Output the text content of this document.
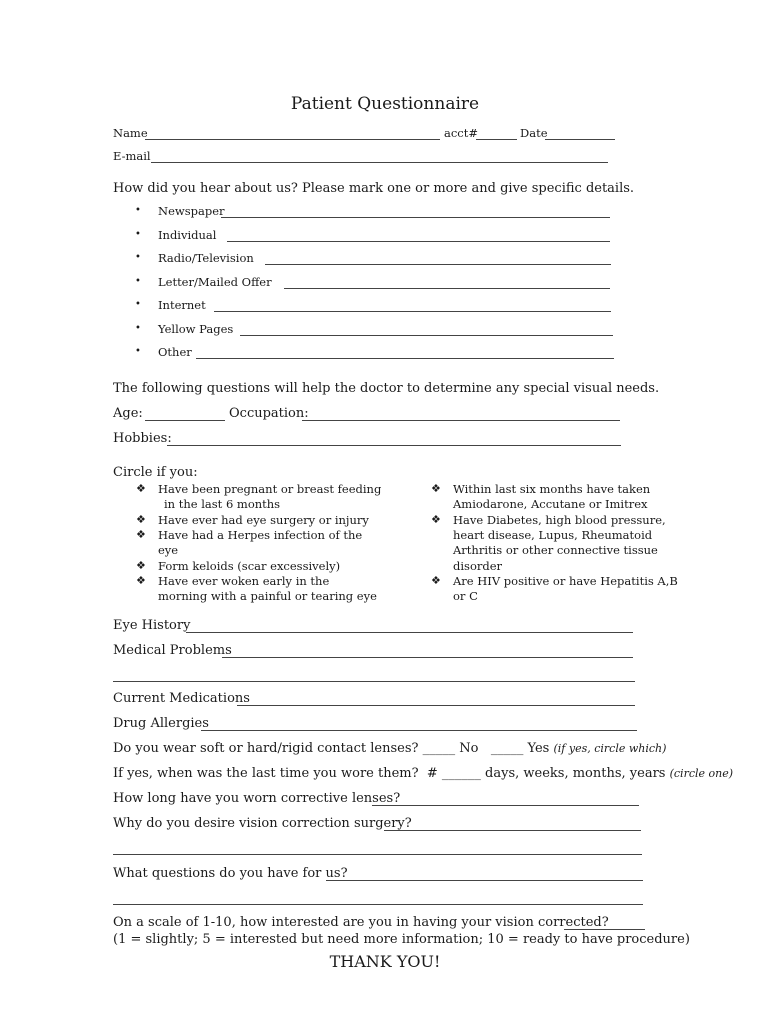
Patient Questionnaire
Name	acct#	Date
E-mail
How did you hear about us? Please mark one or more and give specific details.
• Newspaper
• Individual
• Radio/Television
• Letter/Mailed Offer
• Internet
• Yellow Pages
• Other
The following questions will help the doctor to determine any special visual needs.
Age:	Occupation:
Hobbies:
Circle if you:
❖ Have been pregnant or breast feeding
in the last 6 months
❖ Have ever had eye surgery or injury
❖ Have had a Herpes infection of the
eye
❖ Form keloids (scar excessively)
❖ Have ever woken early in the
morning with a painful or tearing eye
❖ Within last six months have taken
Amiodarone, Accutane or Imitrex
❖ Have Diabetes, high blood pressure,
heart disease, Lupus, Rheumatoid
Arthritis or other connective tissue
disorder
❖ Are HIV positive or have Hepatitis A,B
or C
Eye History
Medical Problems
Current Medications
Drug Allergies
Do you wear soft or hard/rigid contact lenses? _____ No _____ Yes (if yes, circle which)
If yes, when was the last time you wore them? # ______ days, weeks, months, years (circle one)
How long have you worn corrective lenses?
Why do you desire vision correction surgery?
What questions do you have for us?
On a scale of 1-10, how interested are you in having your vision corrected?
(1 = slightly; 5 = interested but need more information; 10 = ready to have procedure)
THANK YOU!
